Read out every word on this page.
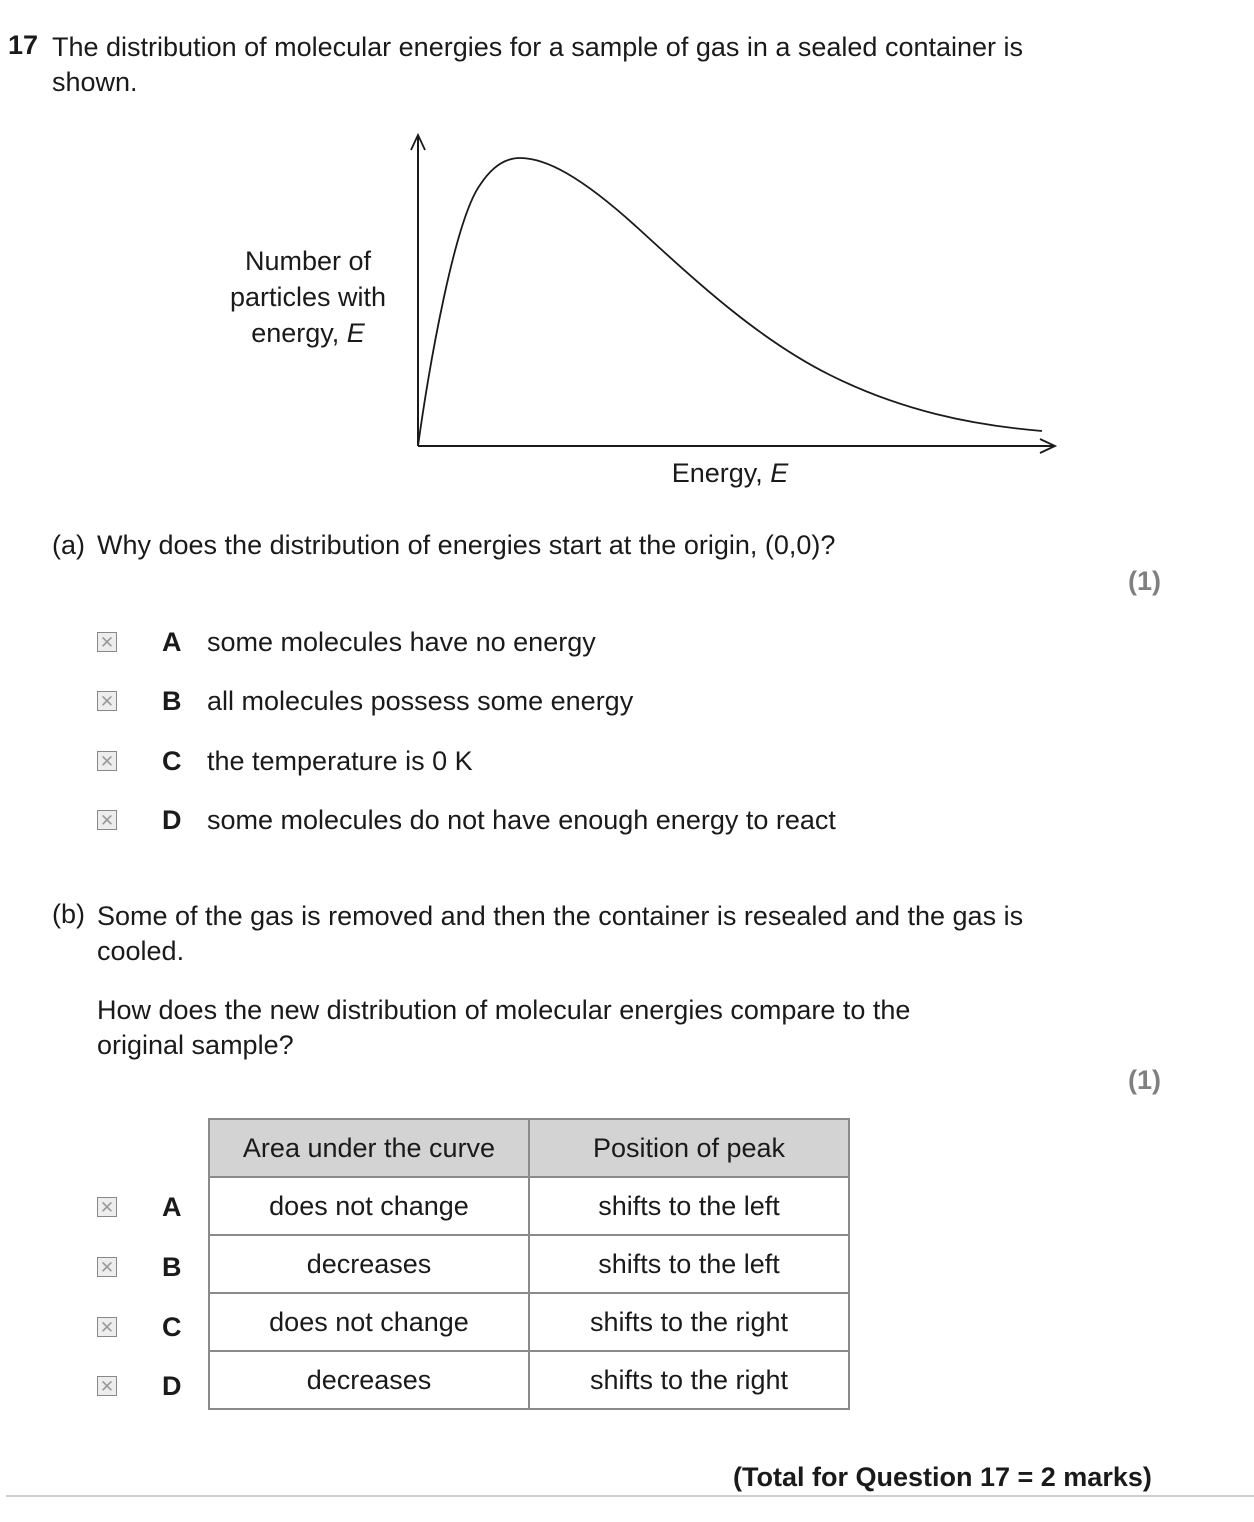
17 The distribution of molecular energies for a sample of gas in a sealed container is shown.
Number of
particles with
energy, E
Energy, E
(a) Why does the distribution of energies start at the origin, (0,0)?
(1)
✕ A some molecules have no energy
✕ B all molecules possess some energy
✕ C the temperature is 0 K
✕ D some molecules do not have enough energy to react
(b) Some of the gas is removed and then the container is resealed and the gas is cooled.
How does the new distribution of molecular energies compare to the original sample?
(1)
Area under the curve	Position of peak
does not change	shifts to the left
decreases	shifts to the left
does not change	shifts to the right
decreases	shifts to the right
✕ A
✕ B
✕ C
✕ D
(Total for Question 17 = 2 marks)
